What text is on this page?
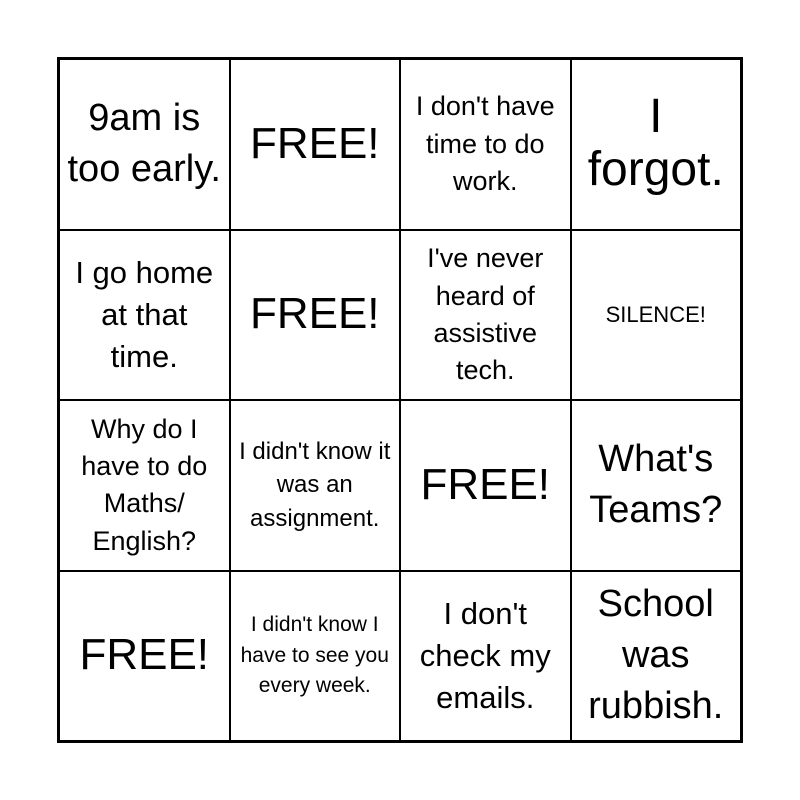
9am is too early.
FREE!
I don't have time to do work.
I forgot.
I go home at that time.
FREE!
I've never heard of assistive tech.
SILENCE!
Why do I have to do Maths/ English?
I didn't know it was an assignment.
FREE!
What's Teams?
FREE!
I didn't know I have to see you every week.
I don't check my emails.
School was rubbish.
